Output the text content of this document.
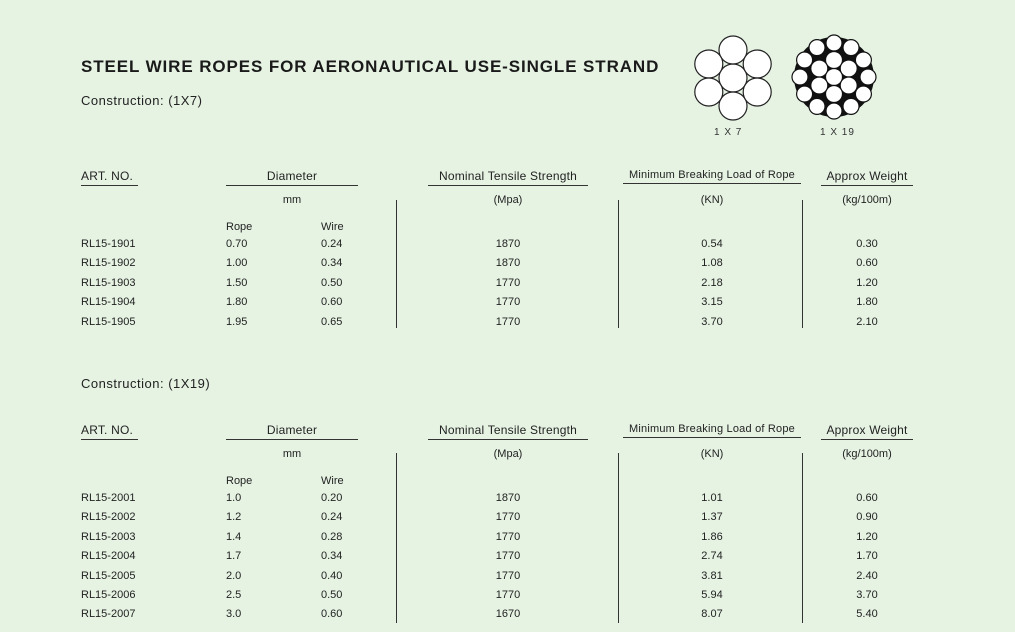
STEEL WIRE ROPES FOR AERONAUTICAL USE-SINGLE STRAND
1 X 7	1 X 19
Construction: (1X7)
ART. NO.	Diameter
mm
Rope	Wire
Nominal Tensile Strength
(Mpa)
Minimum Breaking Load of Rope
(KN)
Approx Weight
(kg/100m)
RL15-1901	0.70	0.24	1870	0.54	0.30
RL15-1902	1.00	0.34	1870	1.08	0.60
RL15-1903	1.50	0.50	1770	2.18	1.20
RL15-1904	1.80	0.60	1770	3.15	1.80
RL15-1905	1.95	0.65	1770	3.70	2.10
Construction: (1X19)
ART. NO.	Diameter
mm
Rope	Wire
Nominal Tensile Strength
(Mpa)
Minimum Breaking Load of Rope
(KN)
Approx Weight
(kg/100m)
RL15-2001	1.0	0.20	1870	1.01	0.60
RL15-2002	1.2	0.24	1770	1.37	0.90
RL15-2003	1.4	0.28	1770	1.86	1.20
RL15-2004	1.7	0.34	1770	2.74	1.70
RL15-2005	2.0	0.40	1770	3.81	2.40
RL15-2006	2.5	0.50	1770	5.94	3.70
RL15-2007	3.0	0.60	1670	8.07	5.40
